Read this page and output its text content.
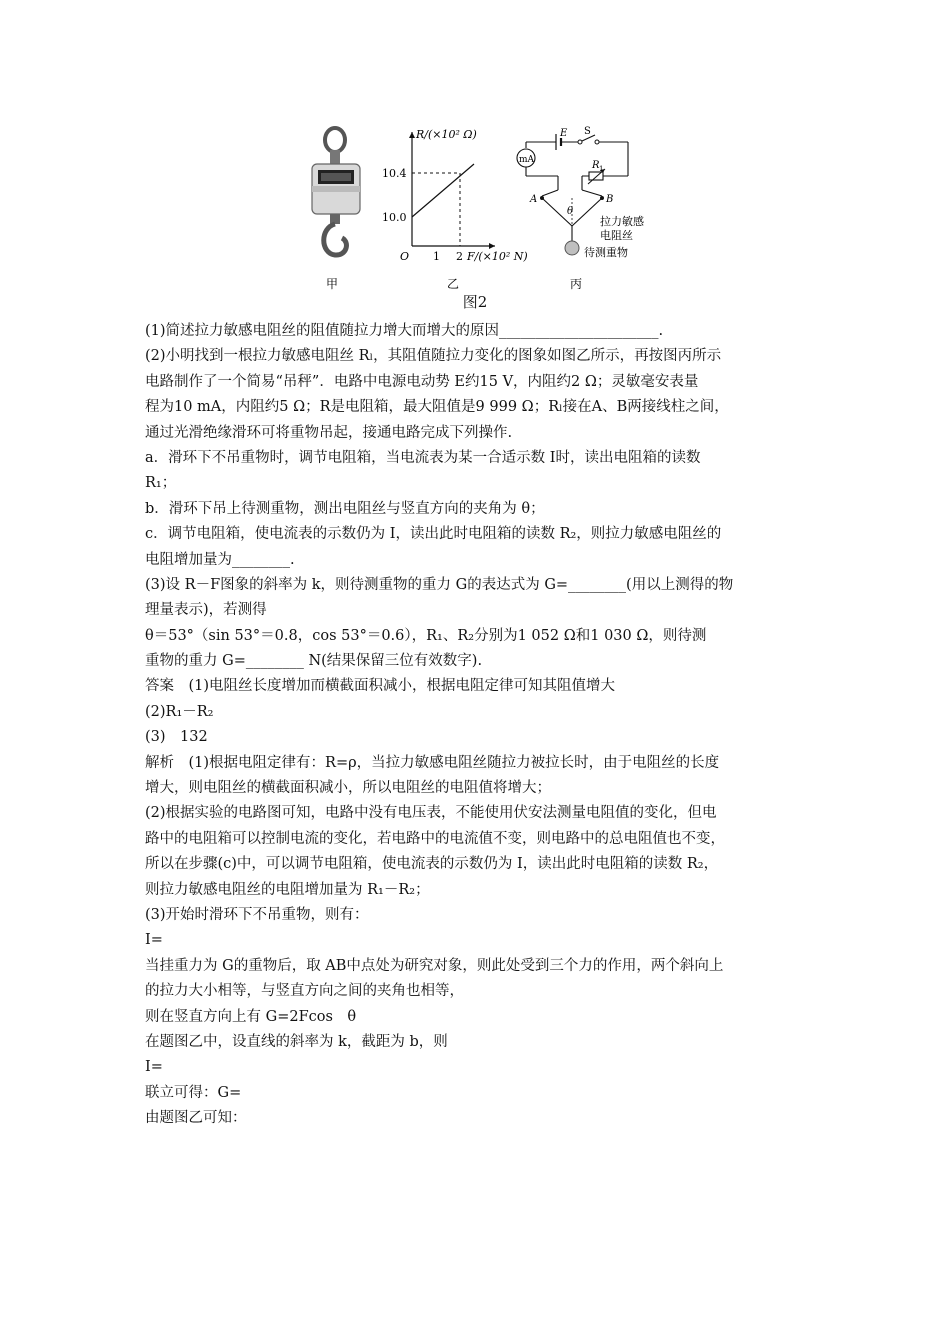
R/(×10² Ω)
10.4
10.0
O 1 2 F/(×10² N)
mA	R 1
A	B
θ
E S
拉力敏感
电阻丝
待测重物
甲	乙	丙
图2
(1)简述拉力敏感电阻丝的阻值随拉力增大而增大的原因______________________.
(2)小明找到一根拉力敏感电阻丝 Rₗ，其阻值随拉力变化的图象如图乙所示，再按图丙所示
电路制作了一个简易“吊秤”．电路中电源电动势 E约15 V，内阻约2 Ω；灵敏毫安表量
程为10 mA，内阻约5 Ω；R是电阻箱，最大阻值是9 999 Ω；Rₗ接在A、B两接线柱之间，
通过光滑绝缘滑环可将重物吊起，接通电路完成下列操作.
a．滑环下不吊重物时，调节电阻箱，当电流表为某一合适示数 I时，读出电阻箱的读数
R₁；
b．滑环下吊上待测重物，测出电阻丝与竖直方向的夹角为 θ；
c．调节电阻箱，使电流表的示数仍为 I，读出此时电阻箱的读数 R₂，则拉力敏感电阻丝的
电阻增加量为________.
(3)设 R－F图象的斜率为 k，则待测重物的重力 G的表达式为 G=________(用以上测得的物
理量表示)，若测得
θ＝53°（sin 53°＝0.8，cos 53°＝0.6），R₁、R₂分别为1 052 Ω和1 030 Ω，则待测
重物的重力 G=________ N(结果保留三位有效数字).
答案　(1)电阻丝长度增加而横截面积减小，根据电阻定律可知其阻值增大
(2)R₁－R₂
(3)　132
解析　(1)根据电阻定律有：R=ρ，当拉力敏感电阻丝随拉力被拉长时，由于电阻丝的长度
增大，则电阻丝的横截面积减小，所以电阻丝的电阻值将增大；
(2)根据实验的电路图可知，电路中没有电压表，不能使用伏安法测量电阻值的变化，但电
路中的电阻箱可以控制电流的变化，若电路中的电流值不变，则电路中的总电阻值也不变，
所以在步骤(c)中，可以调节电阻箱，使电流表的示数仍为 I，读出此时电阻箱的读数 R₂，
则拉力敏感电阻丝的电阻增加量为 R₁－R₂；
(3)开始时滑环下不吊重物，则有：
I=
当挂重力为 G的重物后，取 AB中点处为研究对象，则此处受到三个力的作用，两个斜向上
的拉力大小相等，与竖直方向之间的夹角也相等，
则在竖直方向上有 G=2Fcos　θ
在题图乙中，设直线的斜率为 k，截距为 b，则
I=
联立可得：G=
由题图乙可知：
